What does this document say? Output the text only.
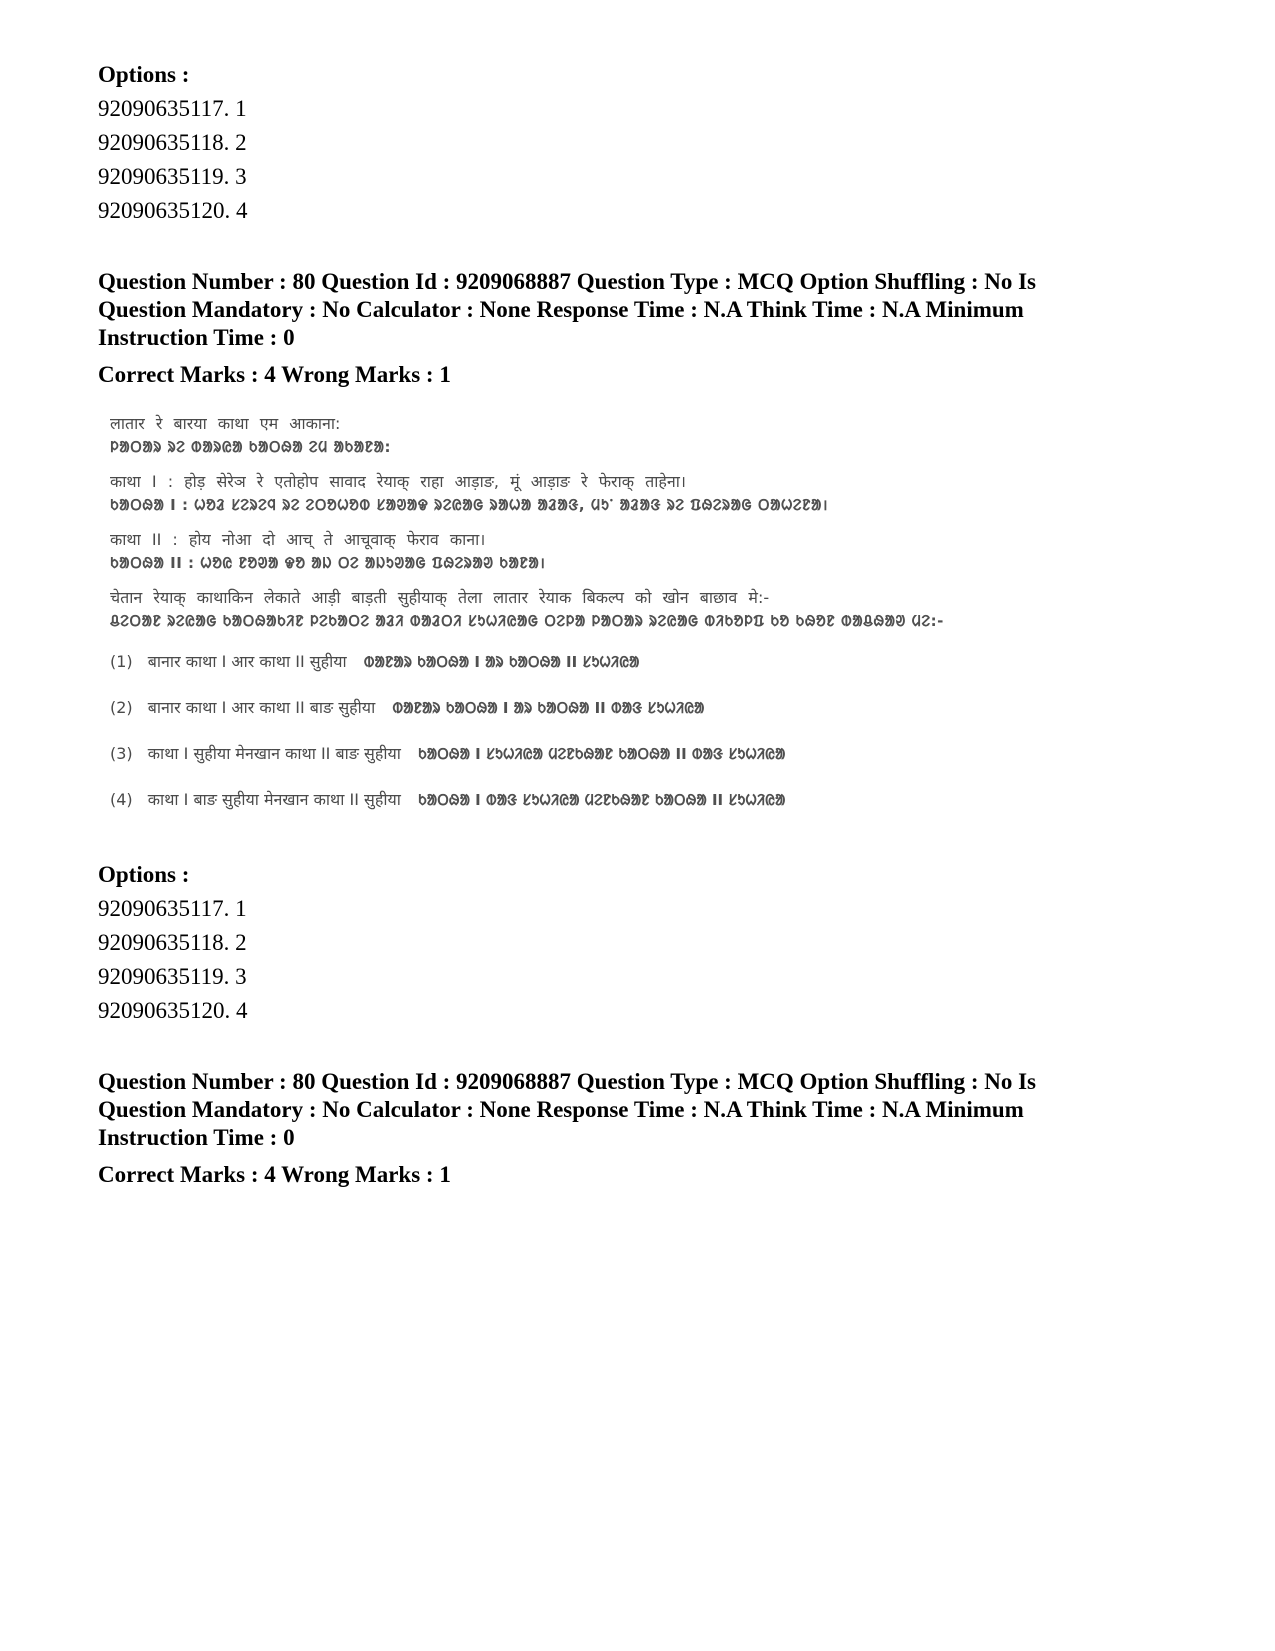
Options :

92090635117. 1

92090635118. 2

92090635119. 3

92090635120. 4

Question Number : 80 Question Id : 9209068887 Question Type : MCQ Option Shuffling : No Is

Question Mandatory : No Calculator : None Response Time : N.A Think Time : N.A Minimum

Instruction Time : 0

Correct Marks : 4 Wrong Marks : 1

लातार रे बारया काथा एम आकाना:

ᱞᱟᱛᱟᱨ ᱨᱮ ᱵᱟᱨᱭᱟ ᱠᱟᱛᱷᱟ ᱮᱢ ᱟᱠᱟᱱᱟ:

काथा I : होड़ सेरेञ रे एतोहोप सावाद रेयाक् राहा आड़ाङ, मूं आड़ाङ रे फेराक् ताहेना।

ᱠᱟᱛᱷᱟ I : ᱦᱚᱲ ᱥᱮᱨᱮᱧ ᱨᱮ ᱮᱛᱚᱦᱚᱵ ᱥᱟᱣᱟᱫ ᱨᱮᱭᱟᱜ ᱨᱟᱦᱟ ᱟᱲᱟᱝ, ᱢᱩᱸ ᱟᱲᱟᱝ ᱨᱮ ᱯᱷᱮᱨᱟᱜ ᱛᱟᱦᱮᱱᱟ।

काथा II : होय नोआ दो आच् ते आचूवाक् फेराव काना।

ᱠᱟᱛᱷᱟ II : ᱦᱚᱭ ᱱᱚᱣᱟ ᱫᱚ ᱟᱡ ᱛᱮ ᱟᱡᱩᱣᱟᱜ ᱯᱷᱮᱨᱟᱣ ᱠᱟᱱᱟ।

चेतान रेयाक् काथाकिन लेकाते आड़ी बाड़ती सुहीयाक् तेला लातार रेयाक बिकल्प को खोन बाछाव मे:-

ᱪᱮᱛᱟᱱ ᱨᱮᱭᱟᱜ ᱠᱟᱛᱷᱟᱠᱤᱱ ᱞᱮᱠᱟᱛᱮ ᱟᱲᱤ ᱵᱟᱲᱛᱤ ᱥᱩᱦᱤᱭᱟᱜ ᱛᱮᱞᱟ ᱞᱟᱛᱟᱨ ᱨᱮᱭᱟᱜ ᱵᱤᱠᱚᱞᱯ ᱠᱚ ᱠᱷᱚᱱ ᱵᱟᱪᱷᱟᱣ ᱢᱮ:-

(1) बानार काथा I आर काथा II सुहीया ᱵᱟᱱᱟᱨ ᱠᱟᱛᱷᱟ I ᱟᱨ ᱠᱟᱛᱷᱟ II ᱥᱩᱦᱤᱭᱟ

(2) बानार काथा I आर काथा II बाङ सुहीया ᱵᱟᱱᱟᱨ ᱠᱟᱛᱷᱟ I ᱟᱨ ᱠᱟᱛᱷᱟ II ᱵᱟᱝ ᱥᱩᱦᱤᱭᱟ

(3) काथा I सुहीया मेनखान काथा II बाङ सुहीया ᱠᱟᱛᱷᱟ I ᱥᱩᱦᱤᱭᱟ ᱢᱮᱱᱠᱷᱟᱱ ᱠᱟᱛᱷᱟ II ᱵᱟᱝ ᱥᱩᱦᱤᱭᱟ

(4) काथा I बाङ सुहीया मेनखान काथा II सुहीया ᱠᱟᱛᱷᱟ I ᱵᱟᱝ ᱥᱩᱦᱤᱭᱟ ᱢᱮᱱᱠᱷᱟᱱ ᱠᱟᱛᱷᱟ II ᱥᱩᱦᱤᱭᱟ

Options :

92090635117. 1

92090635118. 2

92090635119. 3

92090635120. 4

Question Number : 80 Question Id : 9209068887 Question Type : MCQ Option Shuffling : No Is

Question Mandatory : No Calculator : None Response Time : N.A Think Time : N.A Minimum

Instruction Time : 0

Correct Marks : 4 Wrong Marks : 1
